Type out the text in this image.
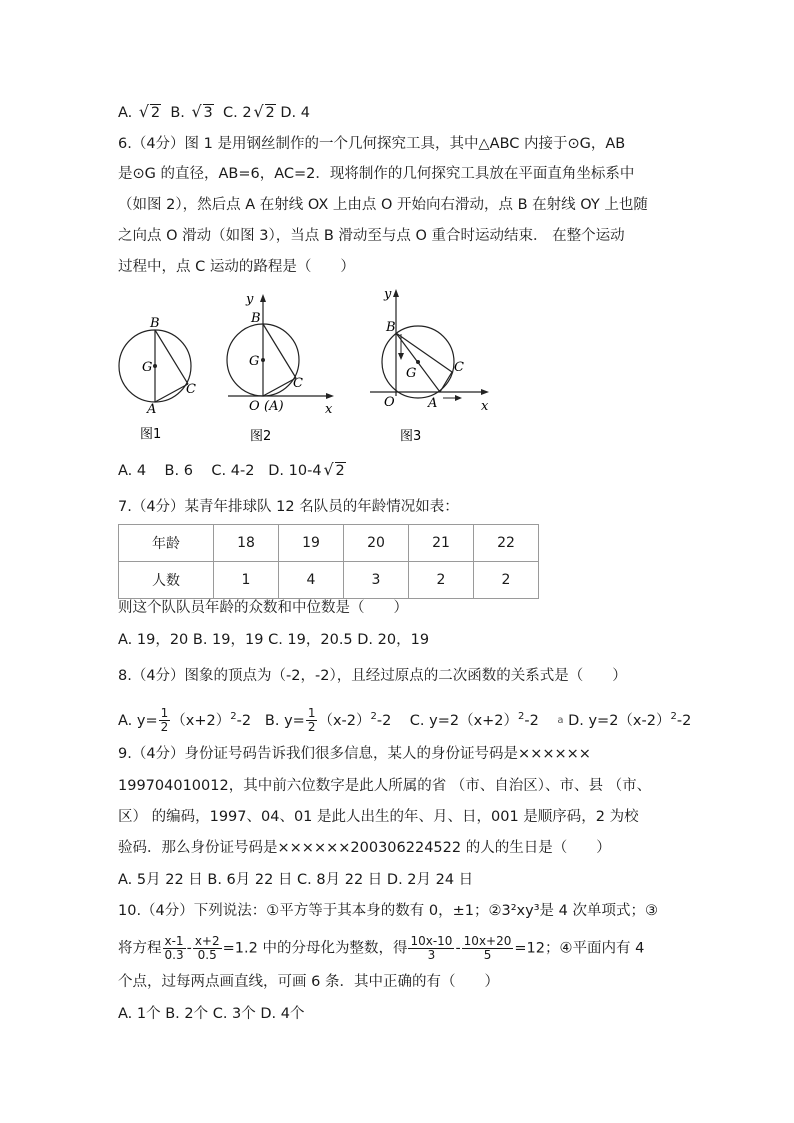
A. √ 2 B. √ 3 C. 2 √ 2 D. 4
6.（4分）图 1 是用钢丝制作的一个几何探究工具，其中△ABC 内接于⊙G，AB
是⊙G 的直径，AB=6，AC=2．现将制作的几何探究工具放在平面直角坐标系中
（如图 2），然后点 A 在射线 OX 上由点 O 开始向右滑动，点 B 在射线 OY 上也随
之向点 O 滑动（如图 3），当点 B 滑动至与点 O 重合时运动结束． 在整个运动
过程中，点 C 运动的路程是（　　）
B
G
C
A
图1
y
B
G
C
O (A)	x
图2
y
B
G	C
O	A	x
图3
A. 4 B. 6 C. 4-2 D. 10-4 √ 2
7.（4分）某青年排球队 12 名队员的年龄情况如表：
年龄	18	19	20	21	22
人数	1	4	3	2	2
则这个队队员年龄的众数和中位数是（　　）
A. 19，20 B. 19，19 C. 19，20.5 D. 20，19
8.（4分）图象的顶点为（-2，-2），且经过原点的二次函数的关系式是（　　）
A. $y= \frac{1}{2} (x+2)^2-2$ B. $y= \frac{1}{2} (x-2)^2-2$ C. $y=2(x+2)^2-2$ a D. $y=2(x-2)^2-2$
9.（4分）身份证号码告诉我们很多信息，某人的身份证号码是××××××
199704010012，其中前六位数字是此人所属的省 （市、自治区）、市、县 （市、
区） 的编码，1997、04、01 是此人出生的年、月、日，001 是顺序码，2 为校
验码．那么身份证号码是××××××200306224522 的人的生日是（　　）
A. 5月 22 日 B. 6月 22 日 C. 8月 22 日 D. 2月 24 日
10.（4分）下列说法：①平方等于其本身的数有 0，±1；②3²xy³是 4 次单项式；③
将方程 $\frac{x-1}{0.3} - \frac{x+2}{0.5} =1.2$ 中的分母化为整数，得 $\frac{10x-10}{3} - \frac{10x+20}{5} =12$；④平面内有 4
个点，过每两点画直线，可画 6 条．其中正确的有（　　）
A. 1个 B. 2个 C. 3个 D. 4个
